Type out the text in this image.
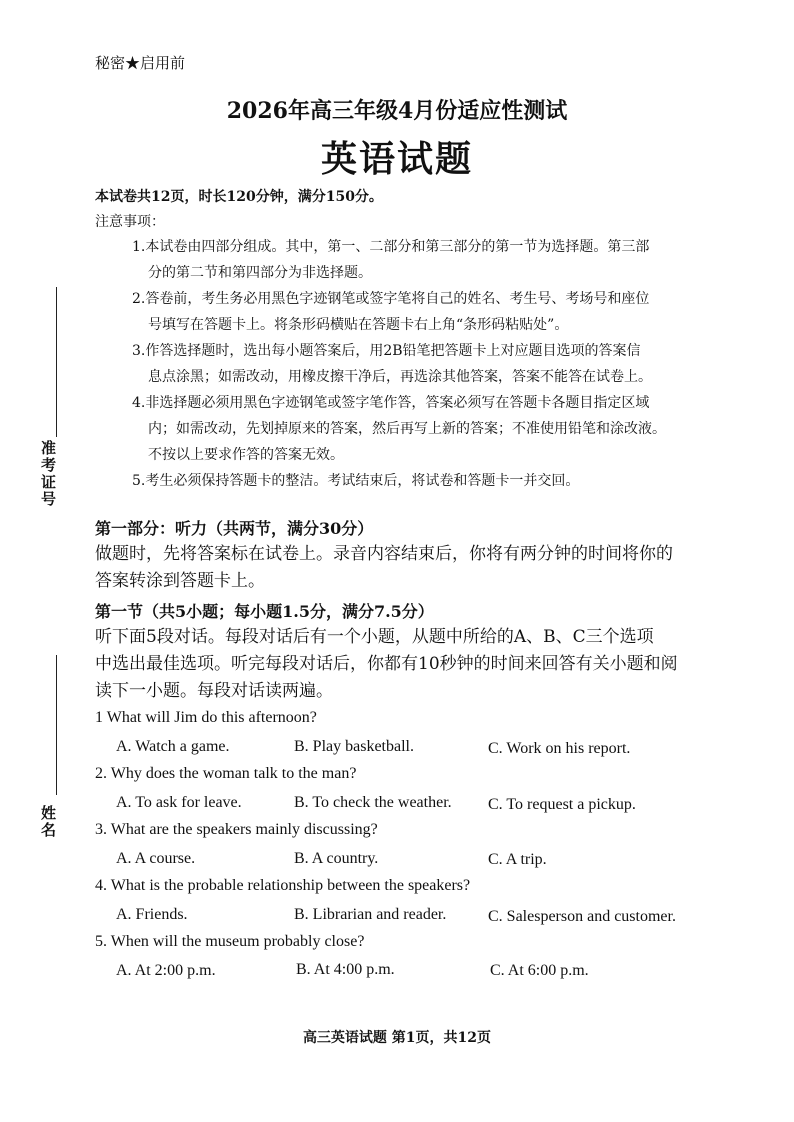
准考证号
姓名
秘密★启用前
2026年高三年级4月份适应性测试
英语试题
本试卷共12页，时长120分钟，满分150分。
注意事项：
1.本试卷由四部分组成。其中，第一、二部分和第三部分的第一节为选择题。第三部
分的第二节和第四部分为非选择题。
2.答卷前，考生务必用黑色字迹钢笔或签字笔将自己的姓名、考生号、考场号和座位
号填写在答题卡上。将条形码横贴在答题卡右上角“条形码粘贴处”。
3.作答选择题时，选出每小题答案后，用2B铅笔把答题卡上对应题目选项的答案信
息点涂黑；如需改动，用橡皮擦干净后，再选涂其他答案，答案不能答在试卷上。
4.非选择题必须用黑色字迹钢笔或签字笔作答，答案必须写在答题卡各题目指定区域
内；如需改动，先划掉原来的答案，然后再写上新的答案；不准使用铅笔和涂改液。
不按以上要求作答的答案无效。
5.考生必须保持答题卡的整洁。考试结束后，将试卷和答题卡一并交回。
第一部分：听力（共两节，满分30分）
做题时，先将答案标在试卷上。录音内容结束后，你将有两分钟的时间将你的
答案转涂到答题卡上。
第一节（共5小题；每小题1.5分，满分7.5分）
听下面5段对话。每段对话后有一个小题，从题中所给的A、B、C三个选项
中选出最佳选项。听完每段对话后，你都有10秒钟的时间来回答有关小题和阅
读下一小题。每段对话读两遍。
1 What will Jim do this afternoon?
A. Watch a game.	B. Play basketball.	C. Work on his report.
2. Why does the woman talk to the man?
A. To ask for leave.	B. To check the weather. C. To request a pickup.
3. What are the speakers mainly discussing?
A. A course.	B. A country.	C. A trip.
4. What is the probable relationship between the speakers?
A. Friends.	B. Librarian and reader.	C. Salesperson and customer.
5. When will the museum probably close?
A. At 2:00 p.m.	B. At 4:00 p.m.	C. At 6:00 p.m.
高三英语试题 第1页，共12页
